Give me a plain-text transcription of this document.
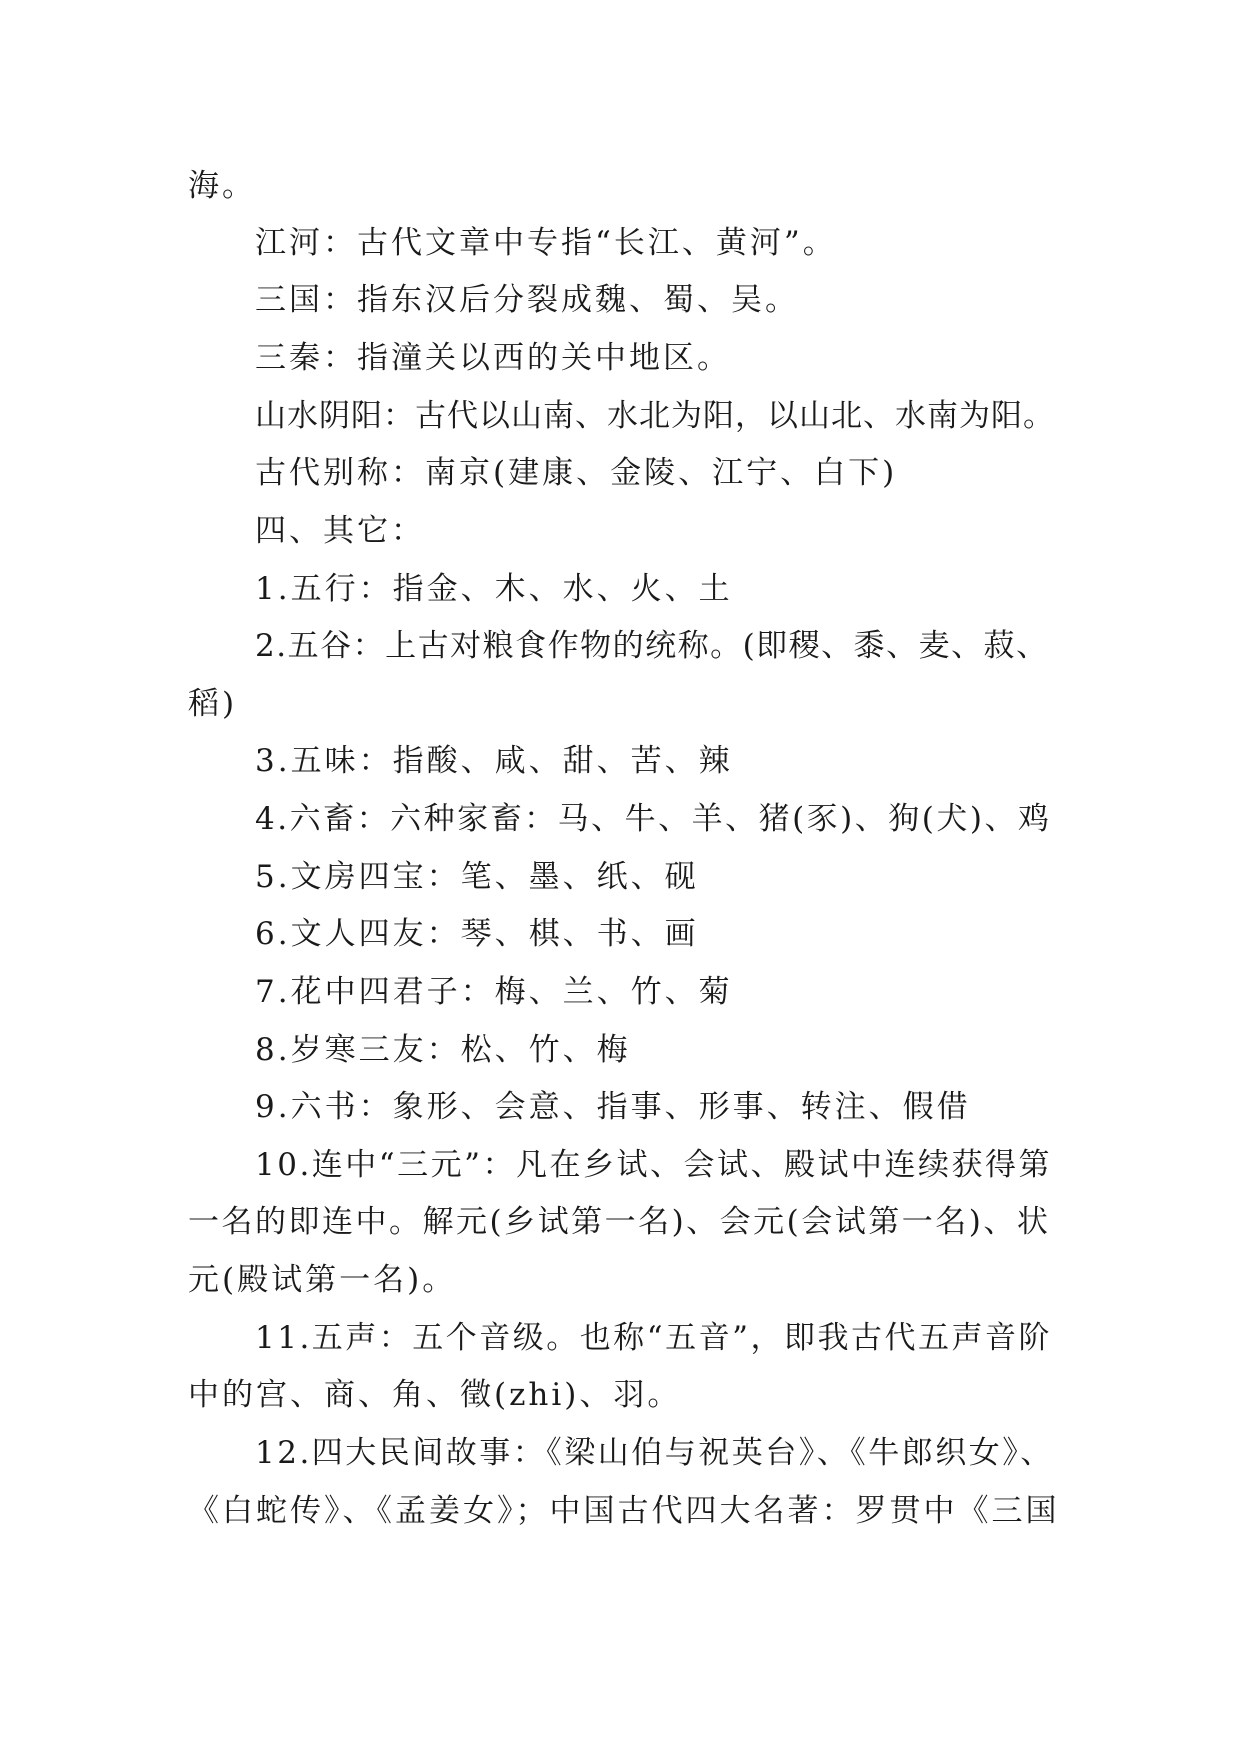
海。
江河：古代文章中专指“长江、黄河”。
三国：指东汉后分裂成魏、蜀、吴。
三秦：指潼关以西的关中地区。
山水阴阳：古代以山南、水北为阳，以山北、水南为阳。
古代别称：南京(建康、金陵、江宁、白下)
四、其它：
1.五行：指金、木、水、火、土
2.五谷：上古对粮食作物的统称。(即稷、黍、麦、菽、
稻)
3.五味：指酸、咸、甜、苦、辣
4.六畜：六种家畜：马、牛、羊、猪(豕)、狗(犬)、鸡
5.文房四宝：笔、墨、纸、砚
6.文人四友：琴、棋、书、画
7.花中四君子：梅、兰、竹、菊
8.岁寒三友：松、竹、梅
9.六书：象形、会意、指事、形事、转注、假借
10.连中“三元”：凡在乡试、会试、殿试中连续获得第
一名的即连中。解元(乡试第一名)、会元(会试第一名)、状
元(殿试第一名)。
11.五声：五个音级。也称“五音”，即我古代五声音阶
中的宫、商、角、徵(zhi)、羽。
12.四大民间故事：《梁山伯与祝英台》、《牛郎织女》、
《白蛇传》、《孟姜女》；中国古代四大名著：罗贯中《三国
